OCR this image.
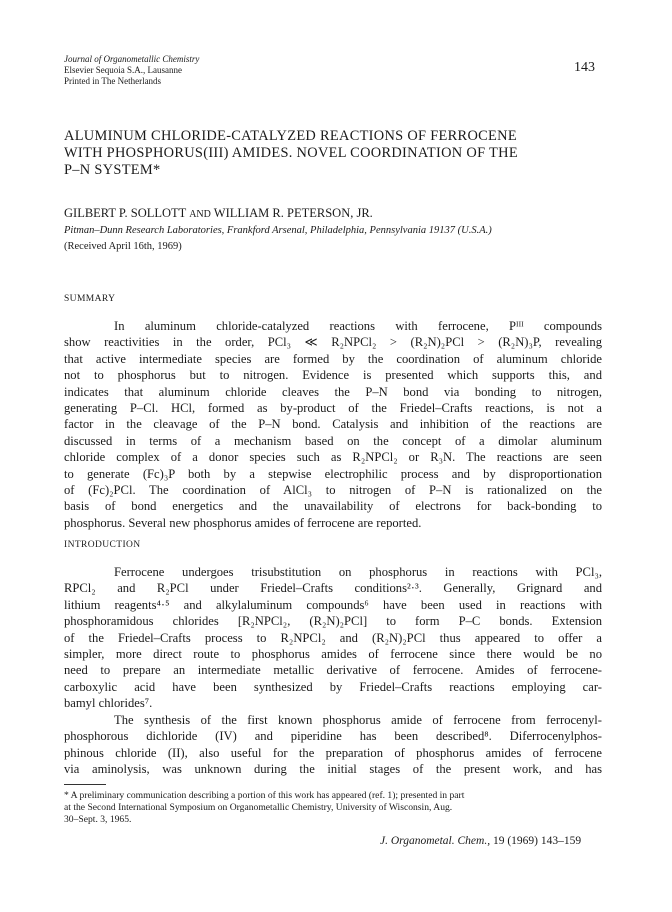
Journal of Organometallic Chemistry
Elsevier Sequoia S.A., Lausanne
Printed in The Netherlands
143
ALUMINUM CHLORIDE-CATALYZED REACTIONS OF FERROCENE
WITH PHOSPHORUS(III) AMIDES. NOVEL COORDINATION OF THE
P–N SYSTEM*
GILBERT P. SOLLOTT AND WILLIAM R. PETERSON, JR.
Pitman–Dunn Research Laboratories, Frankford Arsenal, Philadelphia, Pennsylvania 19137 (U.S.A.)
(Received April 16th, 1969)
SUMMARY
In aluminum chloride-catalyzed reactions with ferrocene, Pᴵᴵᴵ compounds
show reactivities in the order, PCl₃ ≪ R₂NPCl₂ > (R₂N)₂PCl > (R₂N)₃P, revealing
that active intermediate species are formed by the coordination of aluminum chloride
not to phosphorus but to nitrogen. Evidence is presented which supports this, and
indicates that aluminum chloride cleaves the P–N bond via bonding to nitrogen,
generating P–Cl. HCl, formed as by-product of the Friedel–Crafts reactions, is not a
factor in the cleavage of the P–N bond. Catalysis and inhibition of the reactions are
discussed in terms of a mechanism based on the concept of a dimolar aluminum
chloride complex of a donor species such as R₂NPCl₂ or R₃N. The reactions are seen
to generate (Fc)₃P both by a stepwise electrophilic process and by disproportionation
of (Fc)₂PCl. The coordination of AlCl₃ to nitrogen of P–N is rationalized on the
basis of bond energetics and the unavailability of electrons for back-bonding to
phosphorus. Several new phosphorus amides of ferrocene are reported.
INTRODUCTION
Ferrocene undergoes trisubstitution on phosphorus in reactions with PCl₃,
RPCl₂ and R₂PCl under Friedel–Crafts conditions²·³. Generally, Grignard and
lithium reagents⁴·⁵ and alkylaluminum compounds⁶ have been used in reactions with
phosphoramidous chlorides [R₂NPCl₂, (R₂N)₂PCl] to form P–C bonds. Extension
of the Friedel–Crafts process to R₂NPCl₂ and (R₂N)₂PCl thus appeared to offer a
simpler, more direct route to phosphorus amides of ferrocene since there would be no
need to prepare an intermediate metallic derivative of ferrocene. Amides of ferrocene-
carboxylic acid have been synthesized by Friedel–Crafts reactions employing car-
bamyl chlorides⁷.
The synthesis of the first known phosphorus amide of ferrocene from ferrocenyl-
phosphorous dichloride (IV) and piperidine has been described⁸. Diferrocenylphos-
phinous chloride (II), also useful for the preparation of phosphorus amides of ferrocene
via aminolysis, was unknown during the initial stages of the present work, and has
* A preliminary communication describing a portion of this work has appeared (ref. 1); presented in part
at the Second International Symposium on Organometallic Chemistry, University of Wisconsin, Aug.
30–Sept. 3, 1965.
J. Organometal. Chem., 19 (1969) 143–159
